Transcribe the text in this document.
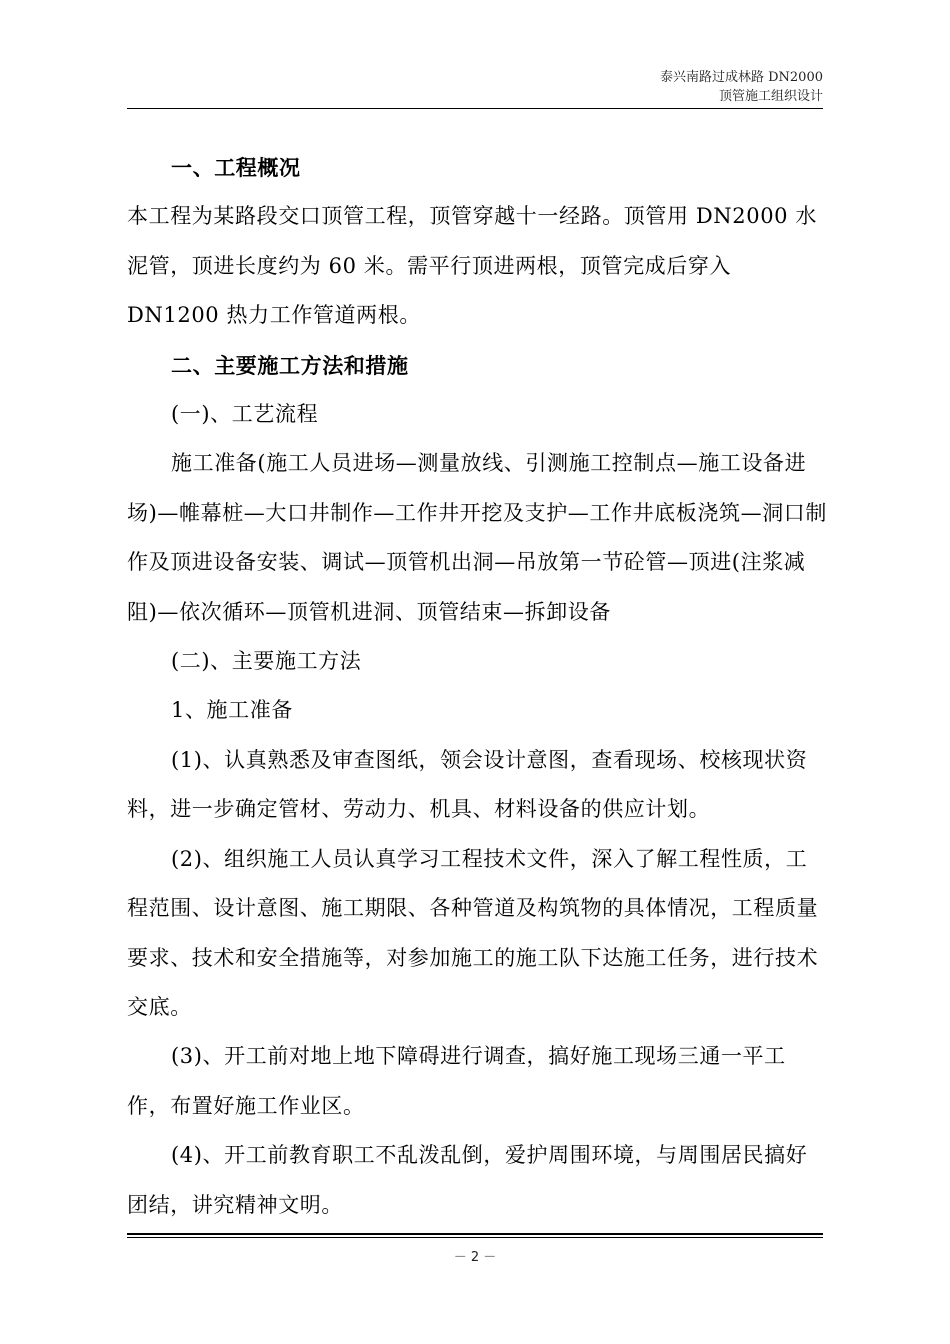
泰兴南路过成林路 DN2000
顶管施工组织设计

一、工程概况

本工程为某路段交口顶管工程，顶管穿越十一经路。顶管用 DN2000 水泥管，顶进长度约为 60 米。需平行顶进两根，顶管完成后穿入 DN1200 热力工作管道两根。

二、主要施工方法和措施

(一)、工艺流程

施工准备(施工人员进场—测量放线、引测施工控制点—施工设备进场)—帷幕桩—大口井制作—工作井开挖及支护—工作井底板浇筑—洞口制作及顶进设备安装、调试—顶管机出洞—吊放第一节砼管—顶进(注浆减阻)—依次循环—顶管机进洞、顶管结束—拆卸设备

(二)、主要施工方法

1、施工准备

(1)、认真熟悉及审查图纸，领会设计意图，查看现场、校核现状资料，进一步确定管材、劳动力、机具、材料设备的供应计划。

(2)、组织施工人员认真学习工程技术文件，深入了解工程性质，工程范围、设计意图、施工期限、各种管道及构筑物的具体情况，工程质量要求、技术和安全措施等，对参加施工的施工队下达施工任务，进行技术交底。

(3)、开工前对地上地下障碍进行调查，搞好施工现场三通一平工作，布置好施工作业区。

(4)、开工前教育职工不乱泼乱倒，爱护周围环境，与周围居民搞好团结，讲究精神文明。

－ 2 －
